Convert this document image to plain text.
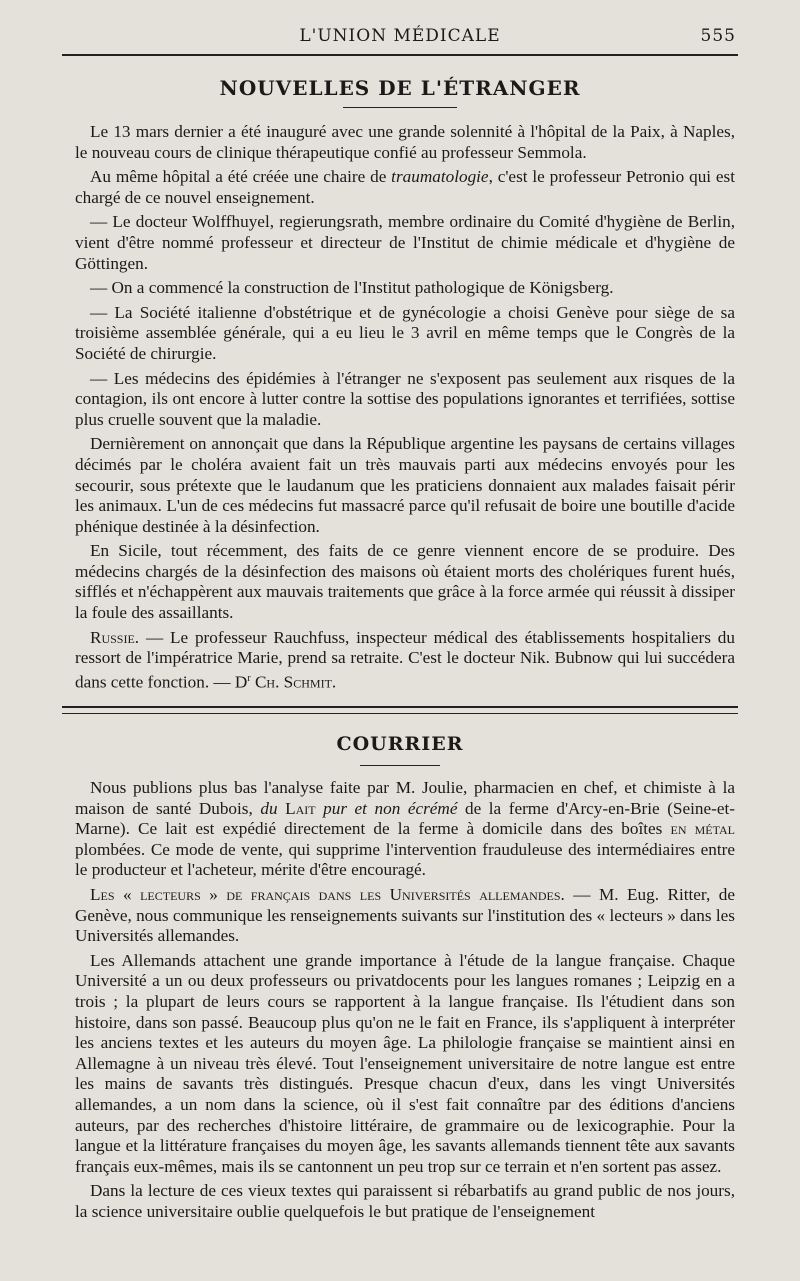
L'UNION MÉDICALE	555
NOUVELLES DE L'ÉTRANGER

Le 13 mars dernier a été inauguré avec une grande solennité à l'hôpital de la Paix, à Naples, le nouveau cours de clinique thérapeutique confié au professeur Semmola.

Au même hôpital a été créée une chaire de traumatologie, c'est le professeur Petronio qui est chargé de ce nouvel enseignement.

— Le docteur Wolffhuyel, regierungsrath, membre ordinaire du Comité d'hygiène de Berlin, vient d'être nommé professeur et directeur de l'Institut de chimie médicale et d'hygiène de Göttingen.

— On a commencé la construction de l'Institut pathologique de Königsberg.

— La Société italienne d'obstétrique et de gynécologie a choisi Genève pour siège de sa troisième assemblée générale, qui a eu lieu le 3 avril en même temps que le Congrès de la Société de chirurgie.

— Les médecins des épidémies à l'étranger ne s'exposent pas seulement aux risques de la contagion, ils ont encore à lutter contre la sottise des populations ignorantes et terrifiées, sottise plus cruelle souvent que la maladie.

Dernièrement on annonçait que dans la République argentine les paysans de certains villages décimés par le choléra avaient fait un très mauvais parti aux médecins envoyés pour les secourir, sous prétexte que le laudanum que les praticiens donnaient aux malades faisait périr les animaux. L'un de ces médecins fut massacré parce qu'il refusait de boire une boutille d'acide phénique destinée à la désinfection.

En Sicile, tout récemment, des faits de ce genre viennent encore de se produire. Des médecins chargés de la désinfection des maisons où étaient morts des cholériques furent hués, sifflés et n'échappèrent aux mauvais traitements que grâce à la force armée qui réussit à dissiper la foule des assaillants.

Russie. — Le professeur Rauchfuss, inspecteur médical des établissements hospitaliers du ressort de l'impératrice Marie, prend sa retraite. C'est le docteur Nik. Bubnow qui lui succédera dans cette fonction. — $D^r$ Ch. Schmit.

COURRIER

Nous publions plus bas l'analyse faite par M. Joulie, pharmacien en chef, et chimiste à la maison de santé Dubois, du Lait pur et non écrémé de la ferme d'Arcy-en-Brie (Seine-et-Marne). Ce lait est expédié directement de la ferme à domicile dans des boîtes en métal plombées. Ce mode de vente, qui supprime l'intervention frauduleuse des intermédiaires entre le producteur et l'acheteur, mérite d'être encouragé.

Les « lecteurs » de français dans les Universités allemandes. — M. Eug. Ritter, de Genève, nous communique les renseignements suivants sur l'institution des « lecteurs » dans les Universités allemandes.

Les Allemands attachent une grande importance à l'étude de la langue française. Chaque Université a un ou deux professeurs ou privatdocents pour les langues romanes ; Leipzig en a trois ; la plupart de leurs cours se rapportent à la langue française. Ils l'étudient dans son histoire, dans son passé. Beaucoup plus qu'on ne le fait en France, ils s'appliquent à interpréter les anciens textes et les auteurs du moyen âge. La philologie française se maintient ainsi en Allemagne à un niveau très élevé. Tout l'enseignement universitaire de notre langue est entre les mains de savants très distingués. Presque chacun d'eux, dans les vingt Universités allemandes, a un nom dans la science, où il s'est fait connaître par des éditions d'anciens auteurs, par des recherches d'histoire littéraire, de grammaire ou de lexicographie. Pour la langue et la littérature françaises du moyen âge, les savants allemands tiennent tête aux savants français eux-mêmes, mais ils se cantonnent un peu trop sur ce terrain et n'en sortent pas assez.

Dans la lecture de ces vieux textes qui paraissent si rébarbatifs au grand public de nos jours, la science universitaire oublie quelquefois le but pratique de l'enseignement
